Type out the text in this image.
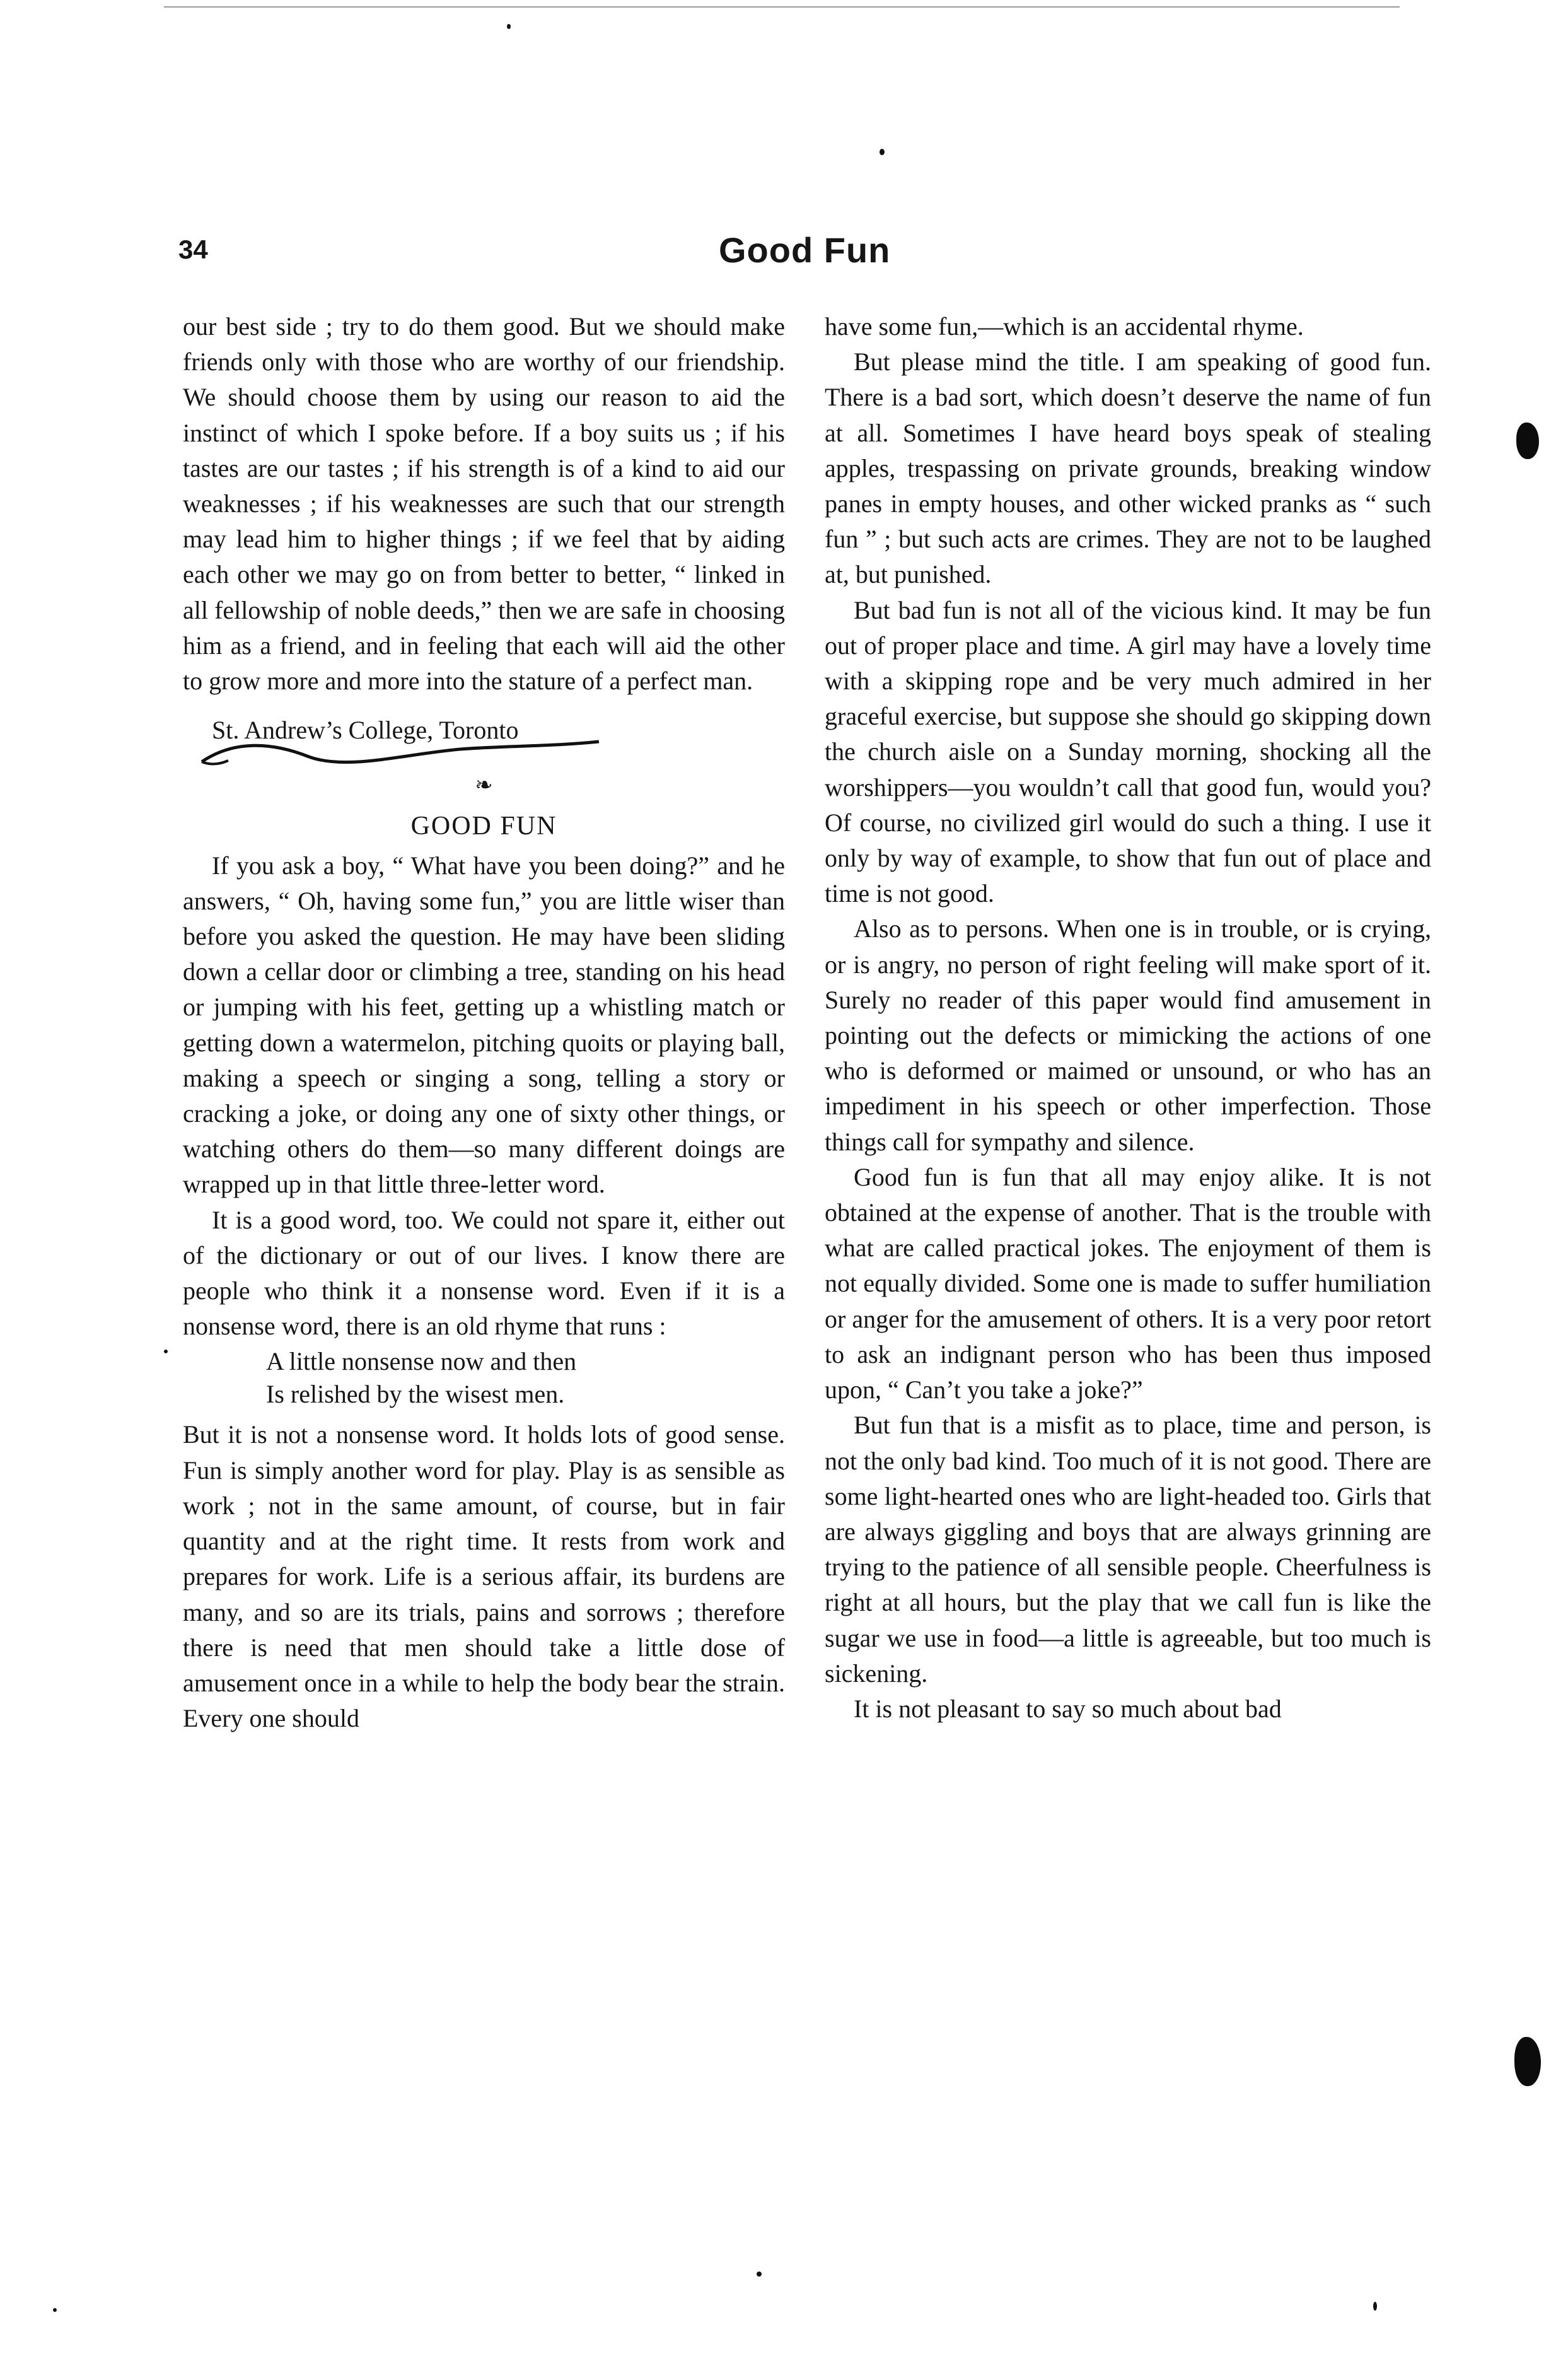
34	Good Fun

our best side ; try to do them good. But we should make friends only with those who are worthy of our friendship. We should choose them by using our reason to aid the instinct of which I spoke before. If a boy suits us ; if his tastes are our tastes ; if his strength is of a kind to aid our weaknesses ; if his weaknesses are such that our strength may lead him to higher things ; if we feel that by aiding each other we may go on from better to better, “ linked in all fellowship of noble deeds,” then we are safe in choosing him as a friend, and in feeling that each will aid the other to grow more and more into the stature of a perfect man.

St. Andrew’s College, Toronto
❧
GOOD FUN

If you ask a boy, “ What have you been doing?” and he answers, “ Oh, having some fun,” you are little wiser than before you asked the question. He may have been sliding down a cellar door or climbing a tree, standing on his head or jumping with his feet, getting up a whistling match or getting down a watermelon, pitching quoits or playing ball, making a speech or singing a song, telling a story or cracking a joke, or doing any one of sixty other things, or watching others do them—so many different doings are wrapped up in that little three-letter word.

It is a good word, too. We could not spare it, either out of the dictionary or out of our lives. I know there are people who think it a nonsense word. Even if it is a nonsense word, there is an old rhyme that runs :

A little nonsense now and then
Is relished by the wisest men.

But it is not a nonsense word. It holds lots of good sense. Fun is simply another word for play. Play is as sensible as work ; not in the same amount, of course, but in fair quantity and at the right time. It rests from work and prepares for work. Life is a serious affair, its burdens are many, and so are its trials, pains and sorrows ; therefore there is need that men should take a little dose of amusement once in a while to help the body bear the strain. Every one should

have some fun,—which is an accidental rhyme.

But please mind the title. I am speaking of good fun. There is a bad sort, which doesn’t deserve the name of fun at all. Sometimes I have heard boys speak of stealing apples, trespassing on private grounds, breaking window panes in empty houses, and other wicked pranks as “ such fun ” ; but such acts are crimes. They are not to be laughed at, but punished.

But bad fun is not all of the vicious kind. It may be fun out of proper place and time. A girl may have a lovely time with a skipping rope and be very much admired in her graceful exercise, but suppose she should go skipping down the church aisle on a Sunday morning, shocking all the worshippers—you wouldn’t call that good fun, would you? Of course, no civilized girl would do such a thing. I use it only by way of example, to show that fun out of place and time is not good.

Also as to persons. When one is in trouble, or is crying, or is angry, no person of right feeling will make sport of it. Surely no reader of this paper would find amusement in pointing out the defects or mimicking the actions of one who is deformed or maimed or unsound, or who has an impediment in his speech or other imperfection. Those things call for sympathy and silence.

Good fun is fun that all may enjoy alike. It is not obtained at the expense of another. That is the trouble with what are called practical jokes. The enjoyment of them is not equally divided. Some one is made to suffer humiliation or anger for the amusement of others. It is a very poor retort to ask an indignant person who has been thus imposed upon, “ Can’t you take a joke?”

But fun that is a misfit as to place, time and person, is not the only bad kind. Too much of it is not good. There are some light-hearted ones who are light-headed too. Girls that are always giggling and boys that are always grinning are trying to the patience of all sensible people. Cheerfulness is right at all hours, but the play that we call fun is like the sugar we use in food—a little is agreeable, but too much is sickening.

It is not pleasant to say so much about bad
